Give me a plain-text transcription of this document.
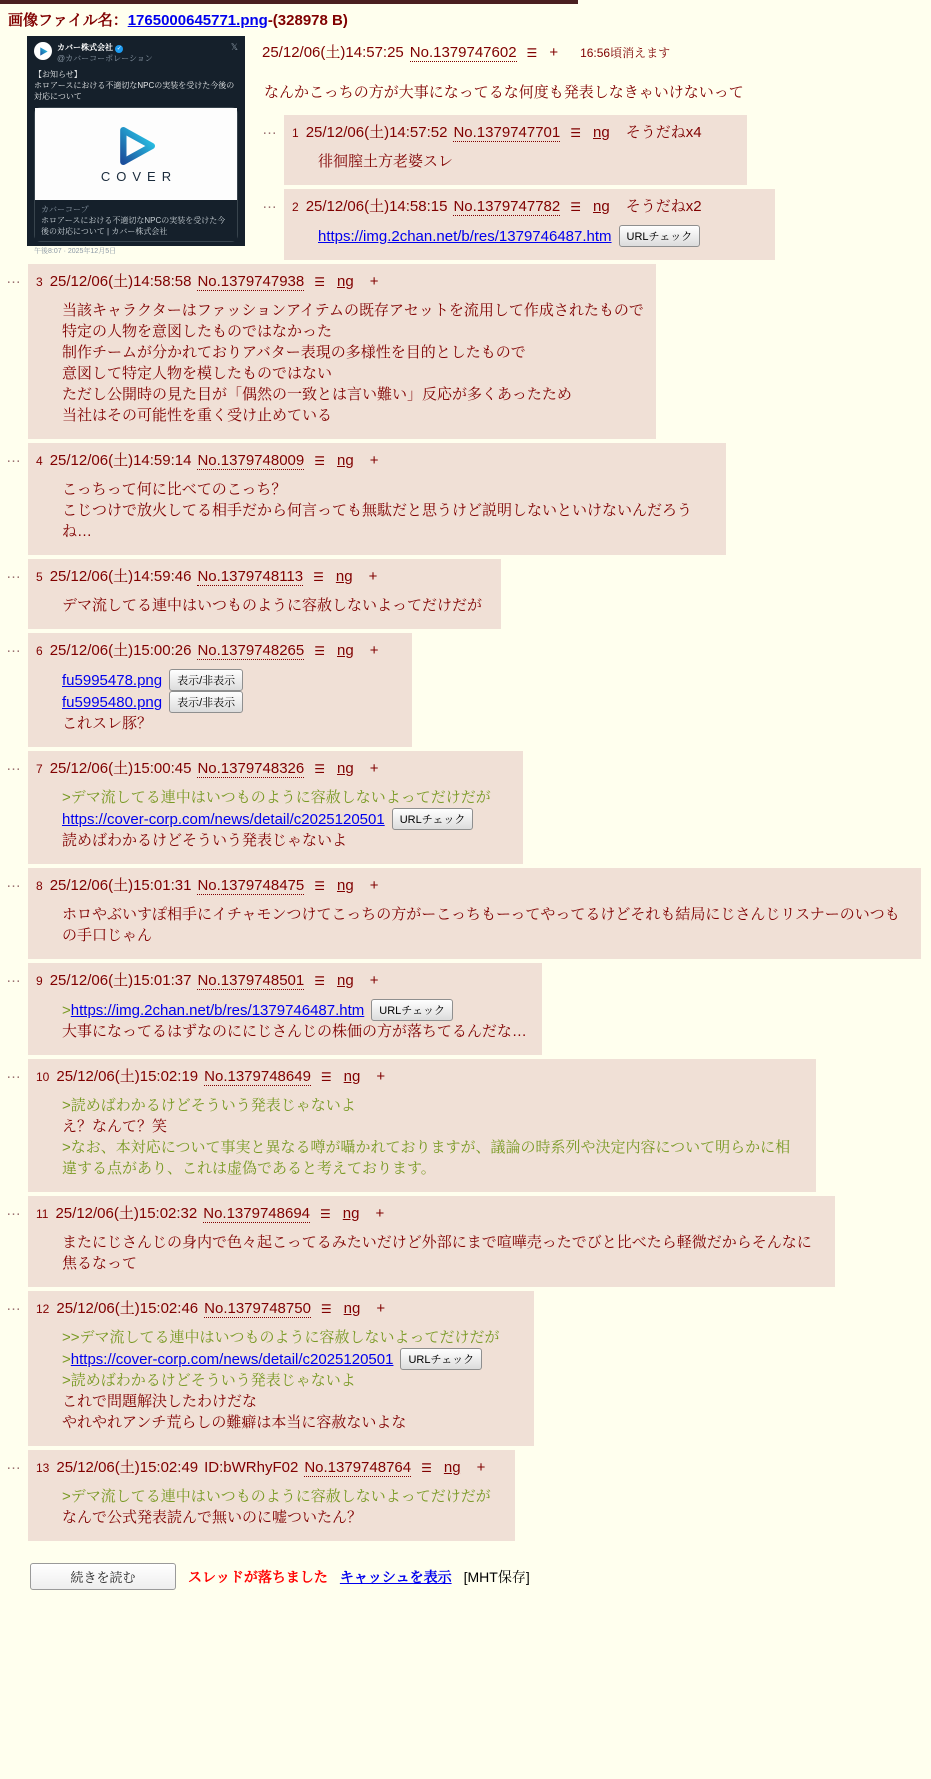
画像ファイル名：1765000645771.png-(328978 B)
カバー株式会社 ✓
@カバーコーポレーション
𝕏
【お知らせ】
ホロアースにおける不適切なNPCの実装を受けた今後の対応について
COVER
カバーコープ
ホロアースにおける不適切なNPCの実装を受けた今後の対応について | カバー株式会社
午後8:07 · 2025年12月5日
25/12/06(土)14:57:25 No.1379747602 ☰ + 16:56頃消えます
なんかこっちの方が大事になってるな何度も発表しなきゃいけないって
…	1 25/12/06(土)14:57:52 No.1379747701 ☰ ng そうだねx4
徘徊膣土方老婆スレ
…	2 25/12/06(土)14:58:15 No.1379747782 ☰ ng そうだねx2
https://img.2chan.net/b/res/1379746487.htm URLチェック
…	3 25/12/06(土)14:58:58 No.1379747938 ☰ ng +
当該キャラクターはファッションアイテムの既存アセットを流用して作成されたもので
特定の人物を意図したものではなかった
制作チームが分かれておりアバター表現の多様性を目的としたもので
意図して特定人物を模したものではない
ただし公開時の見た目が「偶然の一致とは言い難い」反応が多くあったため
当社はその可能性を重く受け止めている
…	4 25/12/06(土)14:59:14 No.1379748009 ☰ ng +
こっちって何に比べてのこっち？
こじつけで放火してる相手だから何言っても無駄だと思うけど説明しないといけないんだろうね…
…	5 25/12/06(土)14:59:46 No.1379748113 ☰ ng +
デマ流してる連中はいつものように容赦しないよってだけだが
…	6 25/12/06(土)15:00:26 No.1379748265 ☰ ng +
fu5995478.png 表示/非表示
fu5995480.png 表示/非表示
これスレ豚？
…	7 25/12/06(土)15:00:45 No.1379748326 ☰ ng +
>デマ流してる連中はいつものように容赦しないよってだけだが
https://cover-corp.com/news/detail/c2025120501 URLチェック
読めばわかるけどそういう発表じゃないよ
…	8 25/12/06(土)15:01:31 No.1379748475 ☰ ng +
ホロやぶいすぽ相手にイチャモンつけてこっちの方がーこっちもーってやってるけどそれも結局にじさんじリスナーのいつもの手口じゃん
…	9 25/12/06(土)15:01:37 No.1379748501 ☰ ng +
>https://img.2chan.net/b/res/1379746487.htm URLチェック
大事になってるはずなのににじさんじの株価の方が落ちてるんだな…
…	10 25/12/06(土)15:02:19 No.1379748649 ☰ ng +
>読めばわかるけどそういう発表じゃないよ
え？なんて？笑
>なお、本対応について事実と異なる噂が囁かれておりますが、議論の時系列や決定内容について明らかに相違する点があり、これは虚偽であると考えております。
…	11 25/12/06(土)15:02:32 No.1379748694 ☰ ng +
またにじさんじの身内で色々起こってるみたいだけど外部にまで喧嘩売ったでびと比べたら軽微だからそんなに焦るなって
…	12 25/12/06(土)15:02:46 No.1379748750 ☰ ng +
>>デマ流してる連中はいつものように容赦しないよってだけだが
>https://cover-corp.com/news/detail/c2025120501 URLチェック
>読めばわかるけどそういう発表じゃないよ
これで問題解決したわけだな
やれやれアンチ荒らしの難癖は本当に容赦ないよな
…	13 25/12/06(土)15:02:49 ID:bWRhyF02 No.1379748764 ☰ ng +
>デマ流してる連中はいつものように容赦しないよってだけだが
なんで公式発表読んで無いのに嘘ついたん？
続きを読む	スレッドが落ちました キャッシュを表示 [MHT保存]
